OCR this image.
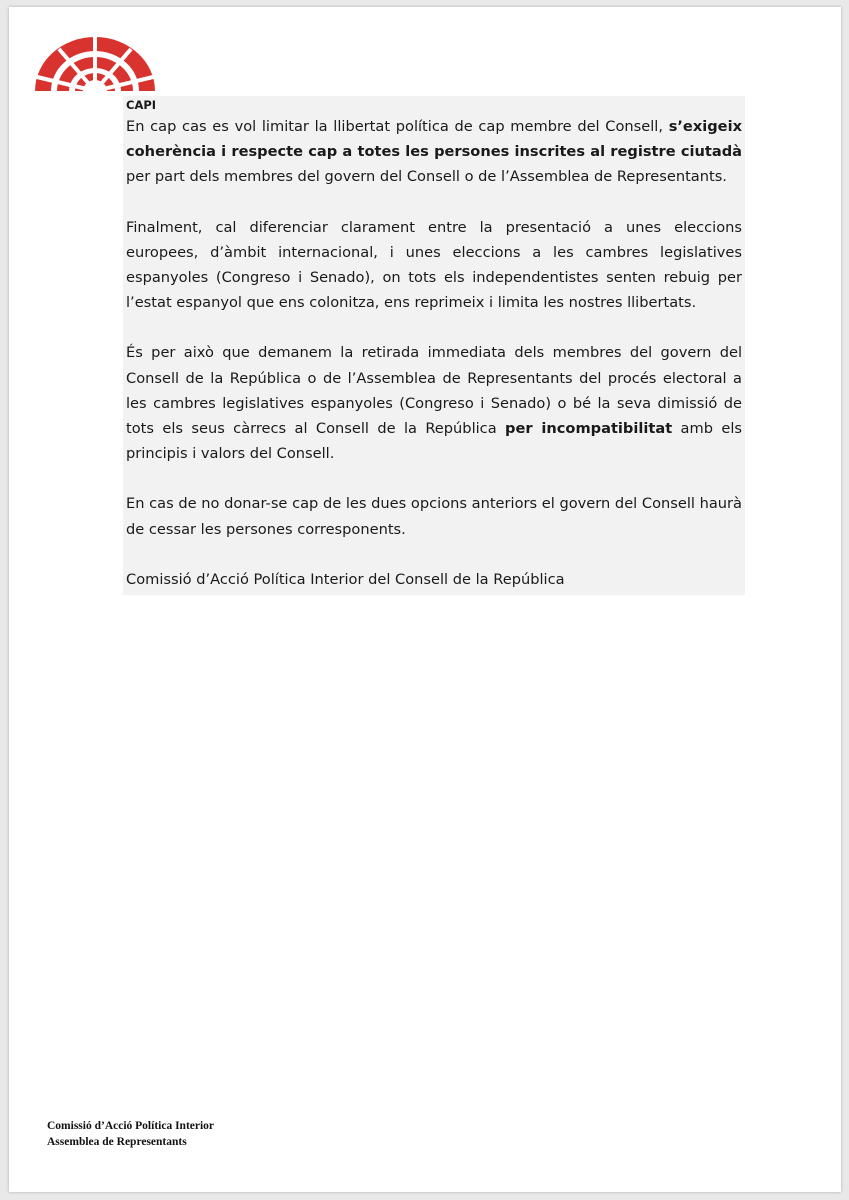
CAPI

En cap cas es vol limitar la llibertat política de cap membre del Consell, s’exigeix coherència i respecte cap a totes les persones inscrites al registre ciutadà per part dels membres del govern del Consell o de l’Assemblea de Representants.

Finalment, cal diferenciar clarament entre la presentació a unes eleccions europees, d’àmbit internacional, i unes eleccions a les cambres legislatives espanyoles (Congreso i Senado), on tots els independentistes senten rebuig per l’estat espanyol que ens colonitza, ens reprimeix i limita les nostres llibertats.

És per això que demanem la retirada immediata dels membres del govern del Consell de la República o de l’Assemblea de Representants del procés electoral a les cambres legislatives espanyoles (Congreso i Senado) o bé la seva dimissió de tots els seus càrrecs al Consell de la República per incompatibilitat amb els principis i valors del Consell.

En cas de no donar-se cap de les dues opcions anteriors el govern del Consell haurà de cessar les persones corresponents.

Comissió d’Acció Política Interior del Consell de la República

Comissió d’Acció Política Interior
Assemblea de Representants
